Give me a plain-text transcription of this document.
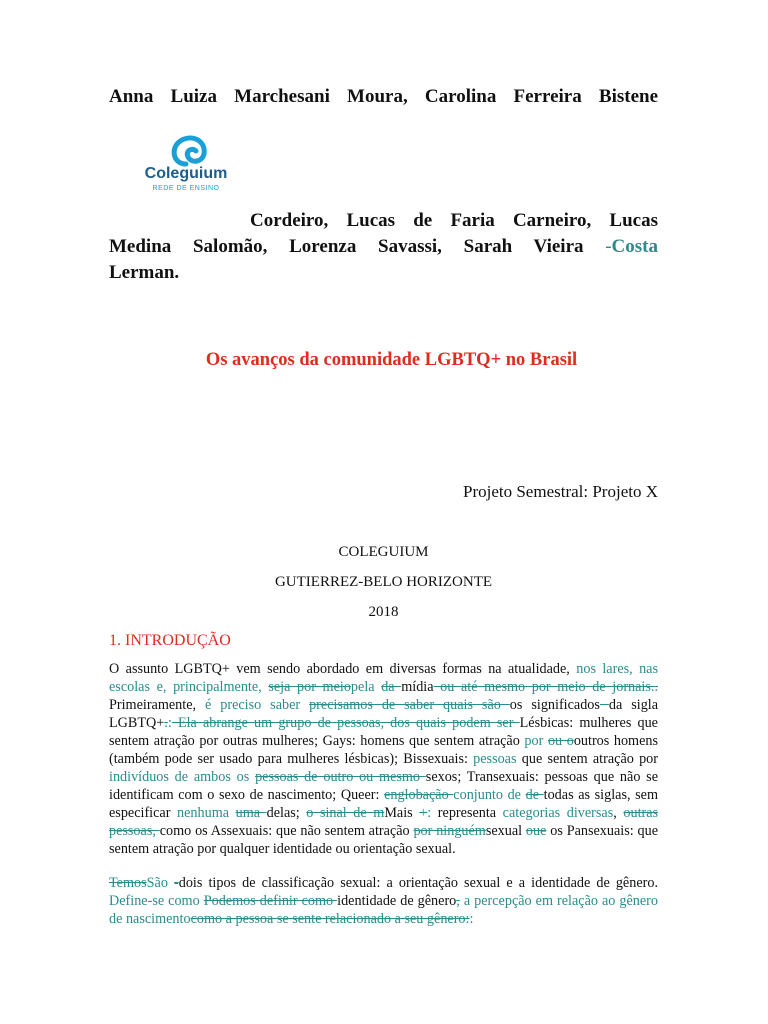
Anna Luiza Marchesani Moura, Carolina Ferreira Bistene
Coleguium
REDE DE ENSINO
Cordeiro, Lucas de Faria Carneiro, Lucas
Medina Salomão, Lorenza Savassi, Sarah Vieira -Costa
Lerman.
Os avanços da comunidade LGBTQ+ no Brasil
Projeto Semestral: Projeto X
COLEGUIUM
GUTIERREZ-BELO HORIZONTE
2018
1. INTRODUÇÃO
O assunto LGBTQ+ vem sendo abordado em diversas formas na atualidade, nos lares, nas escolas e, principalmente, seja por meiopela da mídia ou até mesmo por meio de jornais.. Primeiramente, é preciso saber precisamos de saber quais são os significados da sigla LGBTQ+.: Ela abrange um grupo de pessoas, dos quais podem ser Lésbicas: mulheres que sentem atração por outras mulheres; Gays: homens que sentem atração por ou ooutros homens (também pode ser usado para mulheres lésbicas); Bissexuais: pessoas que sentem atração por indivíduos de ambos os pessoas de outro ou mesmo sexos; Transexuais: pessoas que não se identificam com o sexo de nascimento; Queer: englobação conjunto de de todas as siglas, sem especificar nenhuma uma delas; o sinal de mMais +: representa categorias diversas, outras pessoas, como os Assexuais: que não sentem atração por ninguémsexual oue os Pansexuais: que sentem atração por qualquer identidade ou orientação sexual.
TemosSão -dois tipos de classificação sexual: a orientação sexual e a identidade de gênero. Define-se como Podemos definir como identidade de gênero, a percepção em relação ao gênero de nascimentocomo a pessoa se sente relacionado a seu gênero::
